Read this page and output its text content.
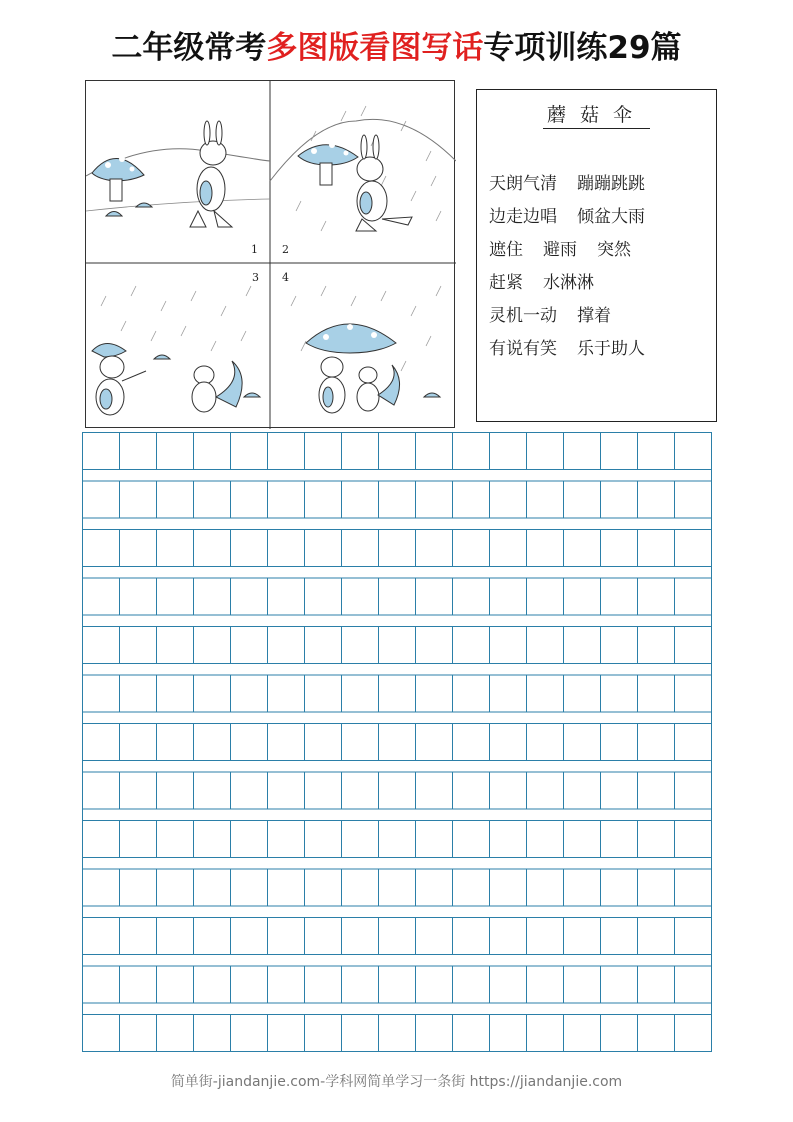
二年级常考多图版看图写话专项训练29篇
1 2
3 4
蘑菇伞
天朗气清 蹦蹦跳跳
边走边唱 倾盆大雨
遮住 避雨 突然
赶紧 水淋淋
灵机一动 撑着
有说有笑 乐于助人
简单街-jiandanjie.com-学科网简单学习一条街 https://jiandanjie.com
